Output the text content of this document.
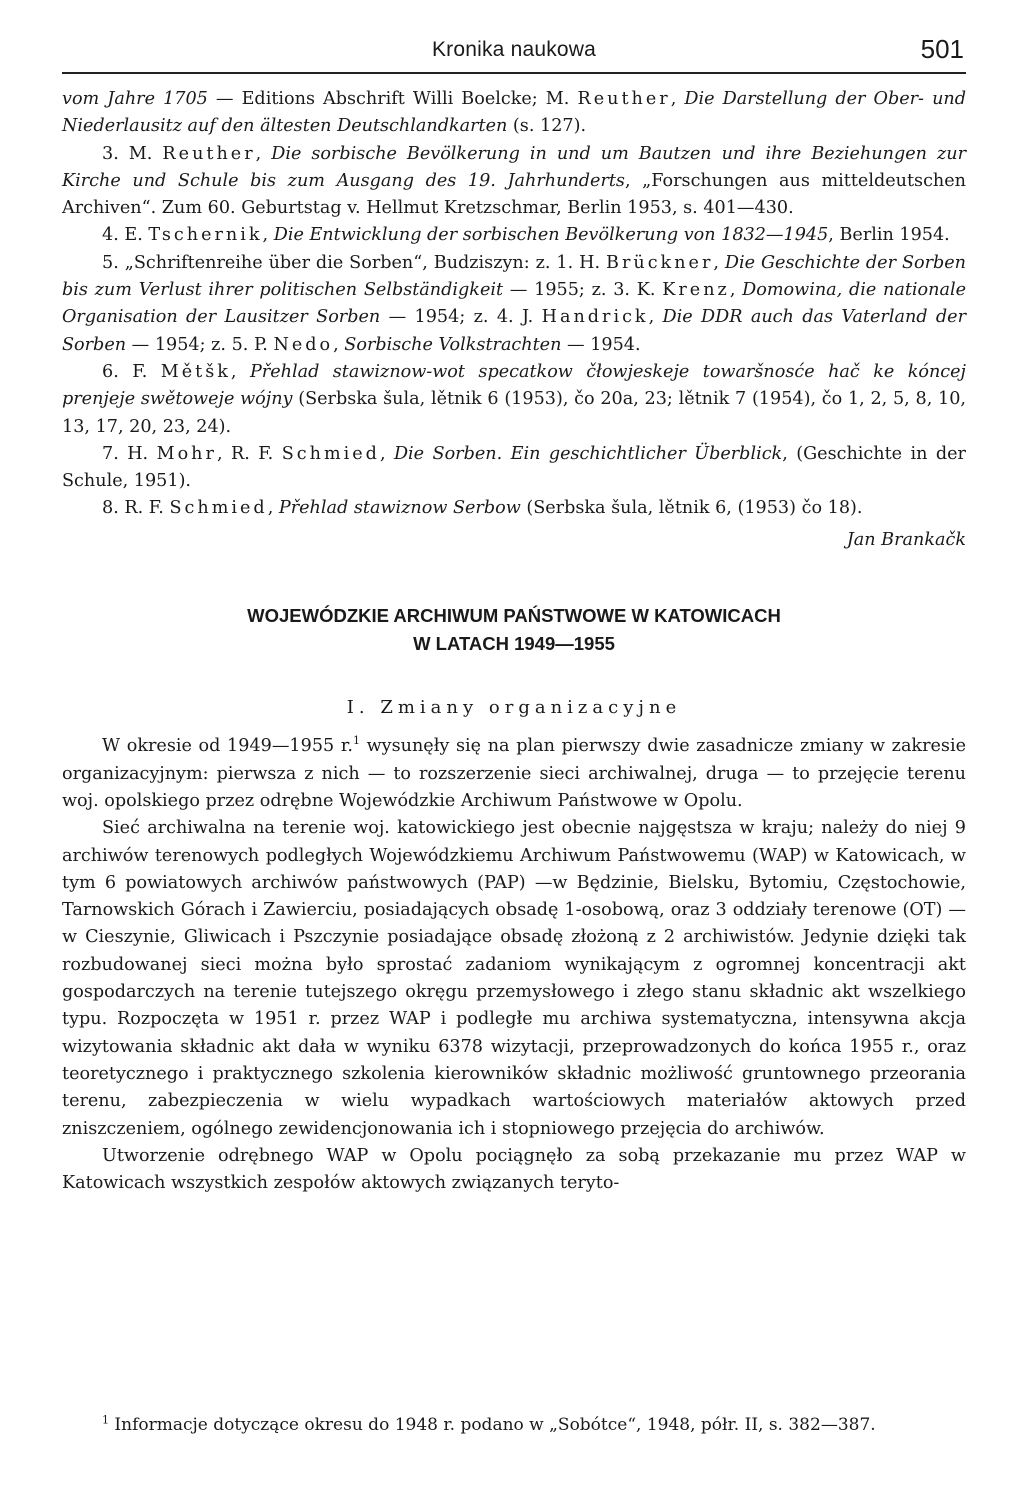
Kronika naukowa	501

vom Jahre 1705 — Editions Abschrift Willi Boelcke; M. Reuther, Die Darstellung der Ober- und Niederlausitz auf den ältesten Deutschlandkarten (s. 127).

3. M. Reuther, Die sorbische Bevölkerung in und um Bautzen und ihre Beziehungen zur Kirche und Schule bis zum Ausgang des 19. Jahrhunderts, „Forschungen aus mitteldeutschen Archiven“. Zum 60. Geburtstag v. Hellmut Kretzschmar, Berlin 1953, s. 401—430.

4. E. Tschernik, Die Entwicklung der sorbischen Bevölkerung von 1832—1945, Berlin 1954.

5. „Schriftenreihe über die Sorben“, Budziszyn: z. 1. H. Brückner, Die Geschichte der Sorben bis zum Verlust ihrer politischen Selbständigkeit — 1955; z. 3. K. Krenz, Domowina, die nationale Organisation der Lausitzer Sorben — 1954; z. 4. J. Handrick, Die DDR auch das Vaterland der Sorben — 1954; z. 5. P. Nedo, Sorbische Volkstrachten — 1954.

6. F. Mětšk, Přehlad stawiznow-wot specatkow čłowjeskeje towaršnosće hač ke kóncej prenjeje swětoweje wójny (Serbska šula, lětnik 6 (1953), čo 20a, 23; lětnik 7 (1954), čo 1, 2, 5, 8, 10, 13, 17, 20, 23, 24).

7. H. Mohr, R. F. Schmied, Die Sorben. Ein geschichtlicher Überblick, (Geschichte in der Schule, 1951).

8. R. F. Schmied, Přehlad stawiznow Serbow (Serbska šula, lětnik 6, (1953) čo 18).

Jan Brankačk

WOJEWÓDZKIE ARCHIWUM PAŃSTWOWE W KATOWICACH
W LATACH 1949—1955
I. Zmiany organizacyjne

W okresie od 1949—1955 r.$^1$ wysunęły się na plan pierwszy dwie zasadnicze zmiany w zakresie organizacyjnym: pierwsza z nich — to rozszerzenie sieci archiwalnej, druga — to przejęcie terenu woj. opolskiego przez odrębne Wojewódzkie Archiwum Państwowe w Opolu.

Sieć archiwalna na terenie woj. katowickiego jest obecnie najgęstsza w kraju; należy do niej 9 archiwów terenowych podległych Wojewódzkiemu Archiwum Państwowemu (WAP) w Katowicach, w tym 6 powiatowych archiwów państwowych (PAP) —w Będzinie, Bielsku, Bytomiu, Częstochowie, Tarnowskich Górach i Zawierciu, posiadających obsadę 1-osobową, oraz 3 oddziały terenowe (OT) — w Cieszynie, Gliwicach i Pszczynie posiadające obsadę złożoną z 2 archiwistów. Jedynie dzięki tak rozbudowanej sieci można było sprostać zadaniom wynikającym z ogromnej koncentracji akt gospodarczych na terenie tutejszego okręgu przemysłowego i złego stanu składnic akt wszelkiego typu. Rozpoczęta w 1951 r. przez WAP i podległe mu archiwa systematyczna, intensywna akcja wizytowania składnic akt dała w wyniku 6378 wizytacji, przeprowadzonych do końca 1955 r., oraz teoretycznego i praktycznego szkolenia kierowników składnic możliwość gruntownego przeorania terenu, zabezpieczenia w wielu wypadkach wartościowych materiałów aktowych przed zniszczeniem, ogólnego zewidencjonowania ich i stopniowego przejęcia do archiwów.

Utworzenie odrębnego WAP w Opolu pociągnęło za sobą przekazanie mu przez WAP w Katowicach wszystkich zespołów aktowych związanych teryto-

$^1$ Informacje dotyczące okresu do 1948 r. podano w „Sobótce“, 1948, półr. II, s. 382—387.
